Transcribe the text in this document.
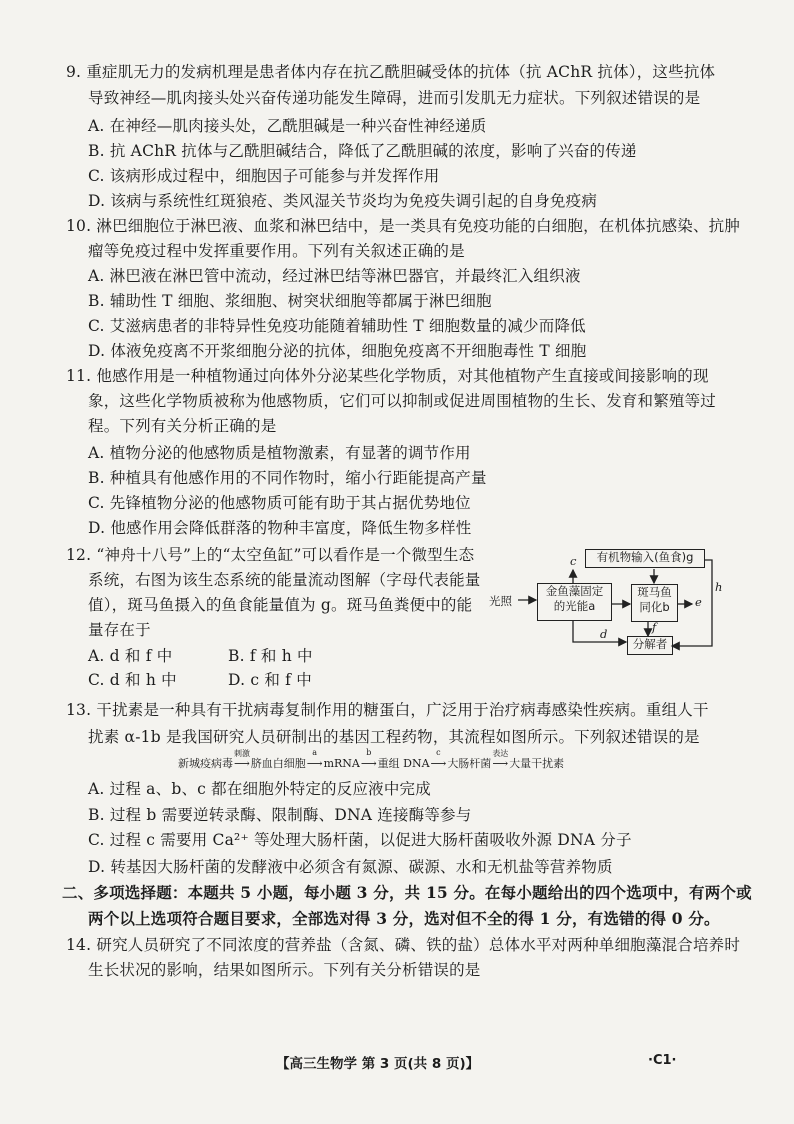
9. 重症肌无力的发病机理是患者体内存在抗乙酰胆碱受体的抗体（抗 AChR 抗体），这些抗体
导致神经—肌肉接头处兴奋传递功能发生障碍，进而引发肌无力症状。下列叙述错误的是
A. 在神经—肌肉接头处，乙酰胆碱是一种兴奋性神经递质
B. 抗 AChR 抗体与乙酰胆碱结合，降低了乙酰胆碱的浓度，影响了兴奋的传递
C. 该病形成过程中，细胞因子可能参与并发挥作用
D. 该病与系统性红斑狼疮、类风湿关节炎均为免疫失调引起的自身免疫病
10. 淋巴细胞位于淋巴液、血浆和淋巴结中，是一类具有免疫功能的白细胞，在机体抗感染、抗肿
瘤等免疫过程中发挥重要作用。下列有关叙述正确的是
A. 淋巴液在淋巴管中流动，经过淋巴结等淋巴器官，并最终汇入组织液
B. 辅助性 T 细胞、浆细胞、树突状细胞等都属于淋巴细胞
C. 艾滋病患者的非特异性免疫功能随着辅助性 T 细胞数量的减少而降低
D. 体液免疫离不开浆细胞分泌的抗体，细胞免疫离不开细胞毒性 T 细胞
11. 他感作用是一种植物通过向体外分泌某些化学物质，对其他植物产生直接或间接影响的现
象，这些化学物质被称为他感物质，它们可以抑制或促进周围植物的生长、发育和繁殖等过
程。下列有关分析正确的是
A. 植物分泌的他感物质是植物激素，有显著的调节作用
B. 种植具有他感作用的不同作物时，缩小行距能提高产量
C. 先锋植物分泌的他感物质可能有助于其占据优势地位
D. 他感作用会降低群落的物种丰富度，降低生物多样性
12. “神舟十八号”上的“太空鱼缸”可以看作是一个微型生态
系统，右图为该生态系统的能量流动图解（字母代表能量
值），斑马鱼摄入的鱼食能量值为 g。斑马鱼粪便中的能
量存在于
A. d 和 f 中	B. f 和 h 中
C. d 和 h 中	D. c 和 f 中
有机物输入(鱼食)g
金鱼藻固定
的光能a
斑马鱼
同化b
分解者
光照
c
e
h
f
d
13. 干扰素是一种具有干扰病毒复制作用的糖蛋白，广泛用于治疗病毒感染性疾病。重组人干
扰素 α-1b 是我国研究人员研制出的基因工程药物，其流程如图所示。下列叙述错误的是
新城疫病毒
刺激
⟶脐血白细胞
a
⟶mRNA
b
⟶重组 DNA
c
⟶大肠杆菌
表达
⟶大量干扰素
A. 过程 a、b、c 都在细胞外特定的反应液中完成
B. 过程 b 需要逆转录酶、限制酶、DNA 连接酶等参与
C. 过程 c 需要用 Ca²⁺ 等处理大肠杆菌，以促进大肠杆菌吸收外源 DNA 分子
D. 转基因大肠杆菌的发酵液中必须含有氮源、碳源、水和无机盐等营养物质
二、多项选择题：本题共 5 小题，每小题 3 分，共 15 分。在每小题给出的四个选项中，有两个或
两个以上选项符合题目要求，全部选对得 3 分，选对但不全的得 1 分，有选错的得 0 分。
14. 研究人员研究了不同浓度的营养盐（含氮、磷、铁的盐）总体水平对两种单细胞藻混合培养时
生长状况的影响，结果如图所示。下列有关分析错误的是
【高三生物学 第 3 页(共 8 页)】	·C1·
